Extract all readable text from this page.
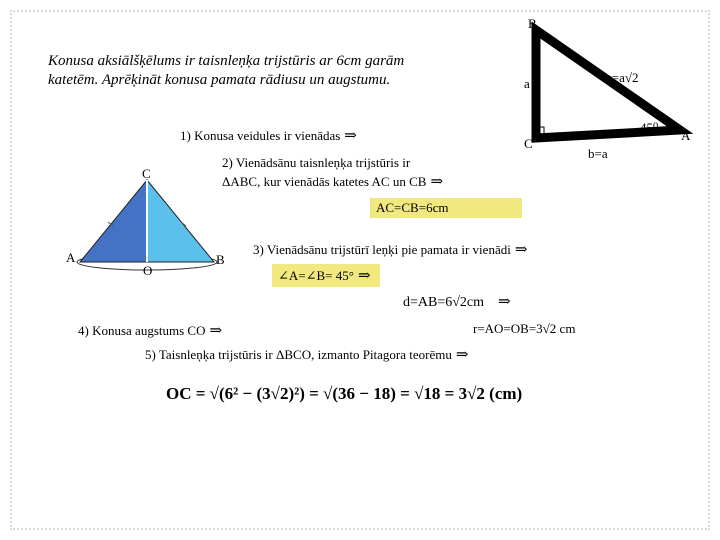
Konusa aksiālšķēlums ir taisnleņķa trijstūris ar 6cm garām katetēm. Aprēķināt konusa pamata rādiusu un augstumu.
B
a	c=a√2
45⁰
A
C
b=a
C
A	B
O
1) Konusa veidules ir vienādas ⇒
2) Vienādsānu taisnleņķa trijstūris ir
ΔABC, kur vienādās katetes AC un CB ⇒
AC=CB=6cm
3) Vienādsānu trijstūrī leņķi pie pamata ir vienādi ⇒
∠A=∠B= 45° ⇒
d=AB=6√2cm ⇒
4) Konusa augstums CO ⇒	r=AO=OB=3√2 cm
5) Taisnleņķa trijstūris ir ΔBCO, izmanto Pitagora teorēmu ⇒
OC = √(6² − (3√2)²) = √(36 − 18) = √18 = 3√2 (cm)
